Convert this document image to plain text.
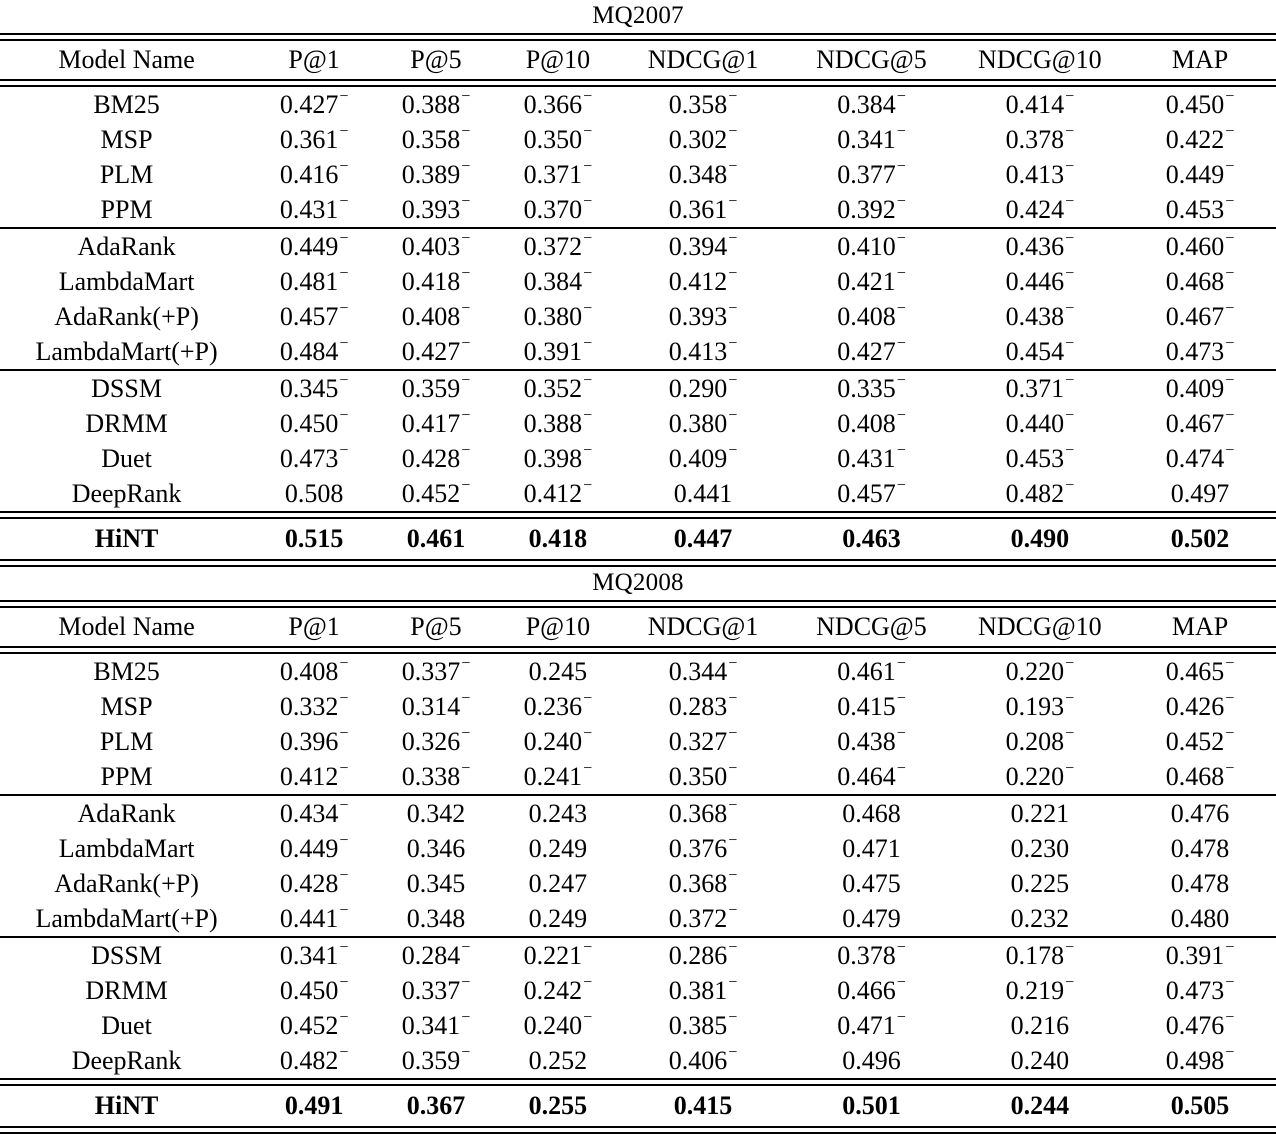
MQ2007

Model Name	P@1	P@5	P@10	NDCG@1	NDCG@5	NDCG@10	MAP

BM25	0.427−	0.388−	0.366−	0.358−	0.384−	0.414−	0.450−
MSP	0.361−	0.358−	0.350−	0.302−	0.341−	0.378−	0.422−
PLM	0.416−	0.389−	0.371−	0.348−	0.377−	0.413−	0.449−
PPM	0.431−	0.393−	0.370−	0.361−	0.392−	0.424−	0.453−

AdaRank	0.449−	0.403−	0.372−	0.394−	0.410−	0.436−	0.460−
LambdaMart	0.481−	0.418−	0.384−	0.412−	0.421−	0.446−	0.468−
AdaRank(+P)	0.457−	0.408−	0.380−	0.393−	0.408−	0.438−	0.467−
LambdaMart(+P)	0.484−	0.427−	0.391−	0.413−	0.427−	0.454−	0.473−

DSSM	0.345−	0.359−	0.352−	0.290−	0.335−	0.371−	0.409−
DRMM	0.450−	0.417−	0.388−	0.380−	0.408−	0.440−	0.467−
Duet	0.473−	0.428−	0.398−	0.409−	0.431−	0.453−	0.474−
DeepRank	0.508	0.452−	0.412−	0.441	0.457−	0.482−	0.497

HiNT	0.515	0.461	0.418	0.447	0.463	0.490	0.502

MQ2008

Model Name	P@1	P@5	P@10	NDCG@1	NDCG@5	NDCG@10	MAP

BM25	0.408−	0.337−	0.245	0.344−	0.461−	0.220−	0.465−
MSP	0.332−	0.314−	0.236−	0.283−	0.415−	0.193−	0.426−
PLM	0.396−	0.326−	0.240−	0.327−	0.438−	0.208−	0.452−
PPM	0.412−	0.338−	0.241−	0.350−	0.464−	0.220−	0.468−

AdaRank	0.434−	0.342	0.243	0.368−	0.468	0.221	0.476
LambdaMart	0.449−	0.346	0.249	0.376−	0.471	0.230	0.478
AdaRank(+P)	0.428−	0.345	0.247	0.368−	0.475	0.225	0.478
LambdaMart(+P)	0.441−	0.348	0.249	0.372−	0.479	0.232	0.480

DSSM	0.341−	0.284−	0.221−	0.286−	0.378−	0.178−	0.391−
DRMM	0.450−	0.337−	0.242−	0.381−	0.466−	0.219−	0.473−
Duet	0.452−	0.341−	0.240−	0.385−	0.471−	0.216	0.476−
DeepRank	0.482−	0.359−	0.252	0.406−	0.496	0.240	0.498−

HiNT	0.491	0.367	0.255	0.415	0.501	0.244	0.505
